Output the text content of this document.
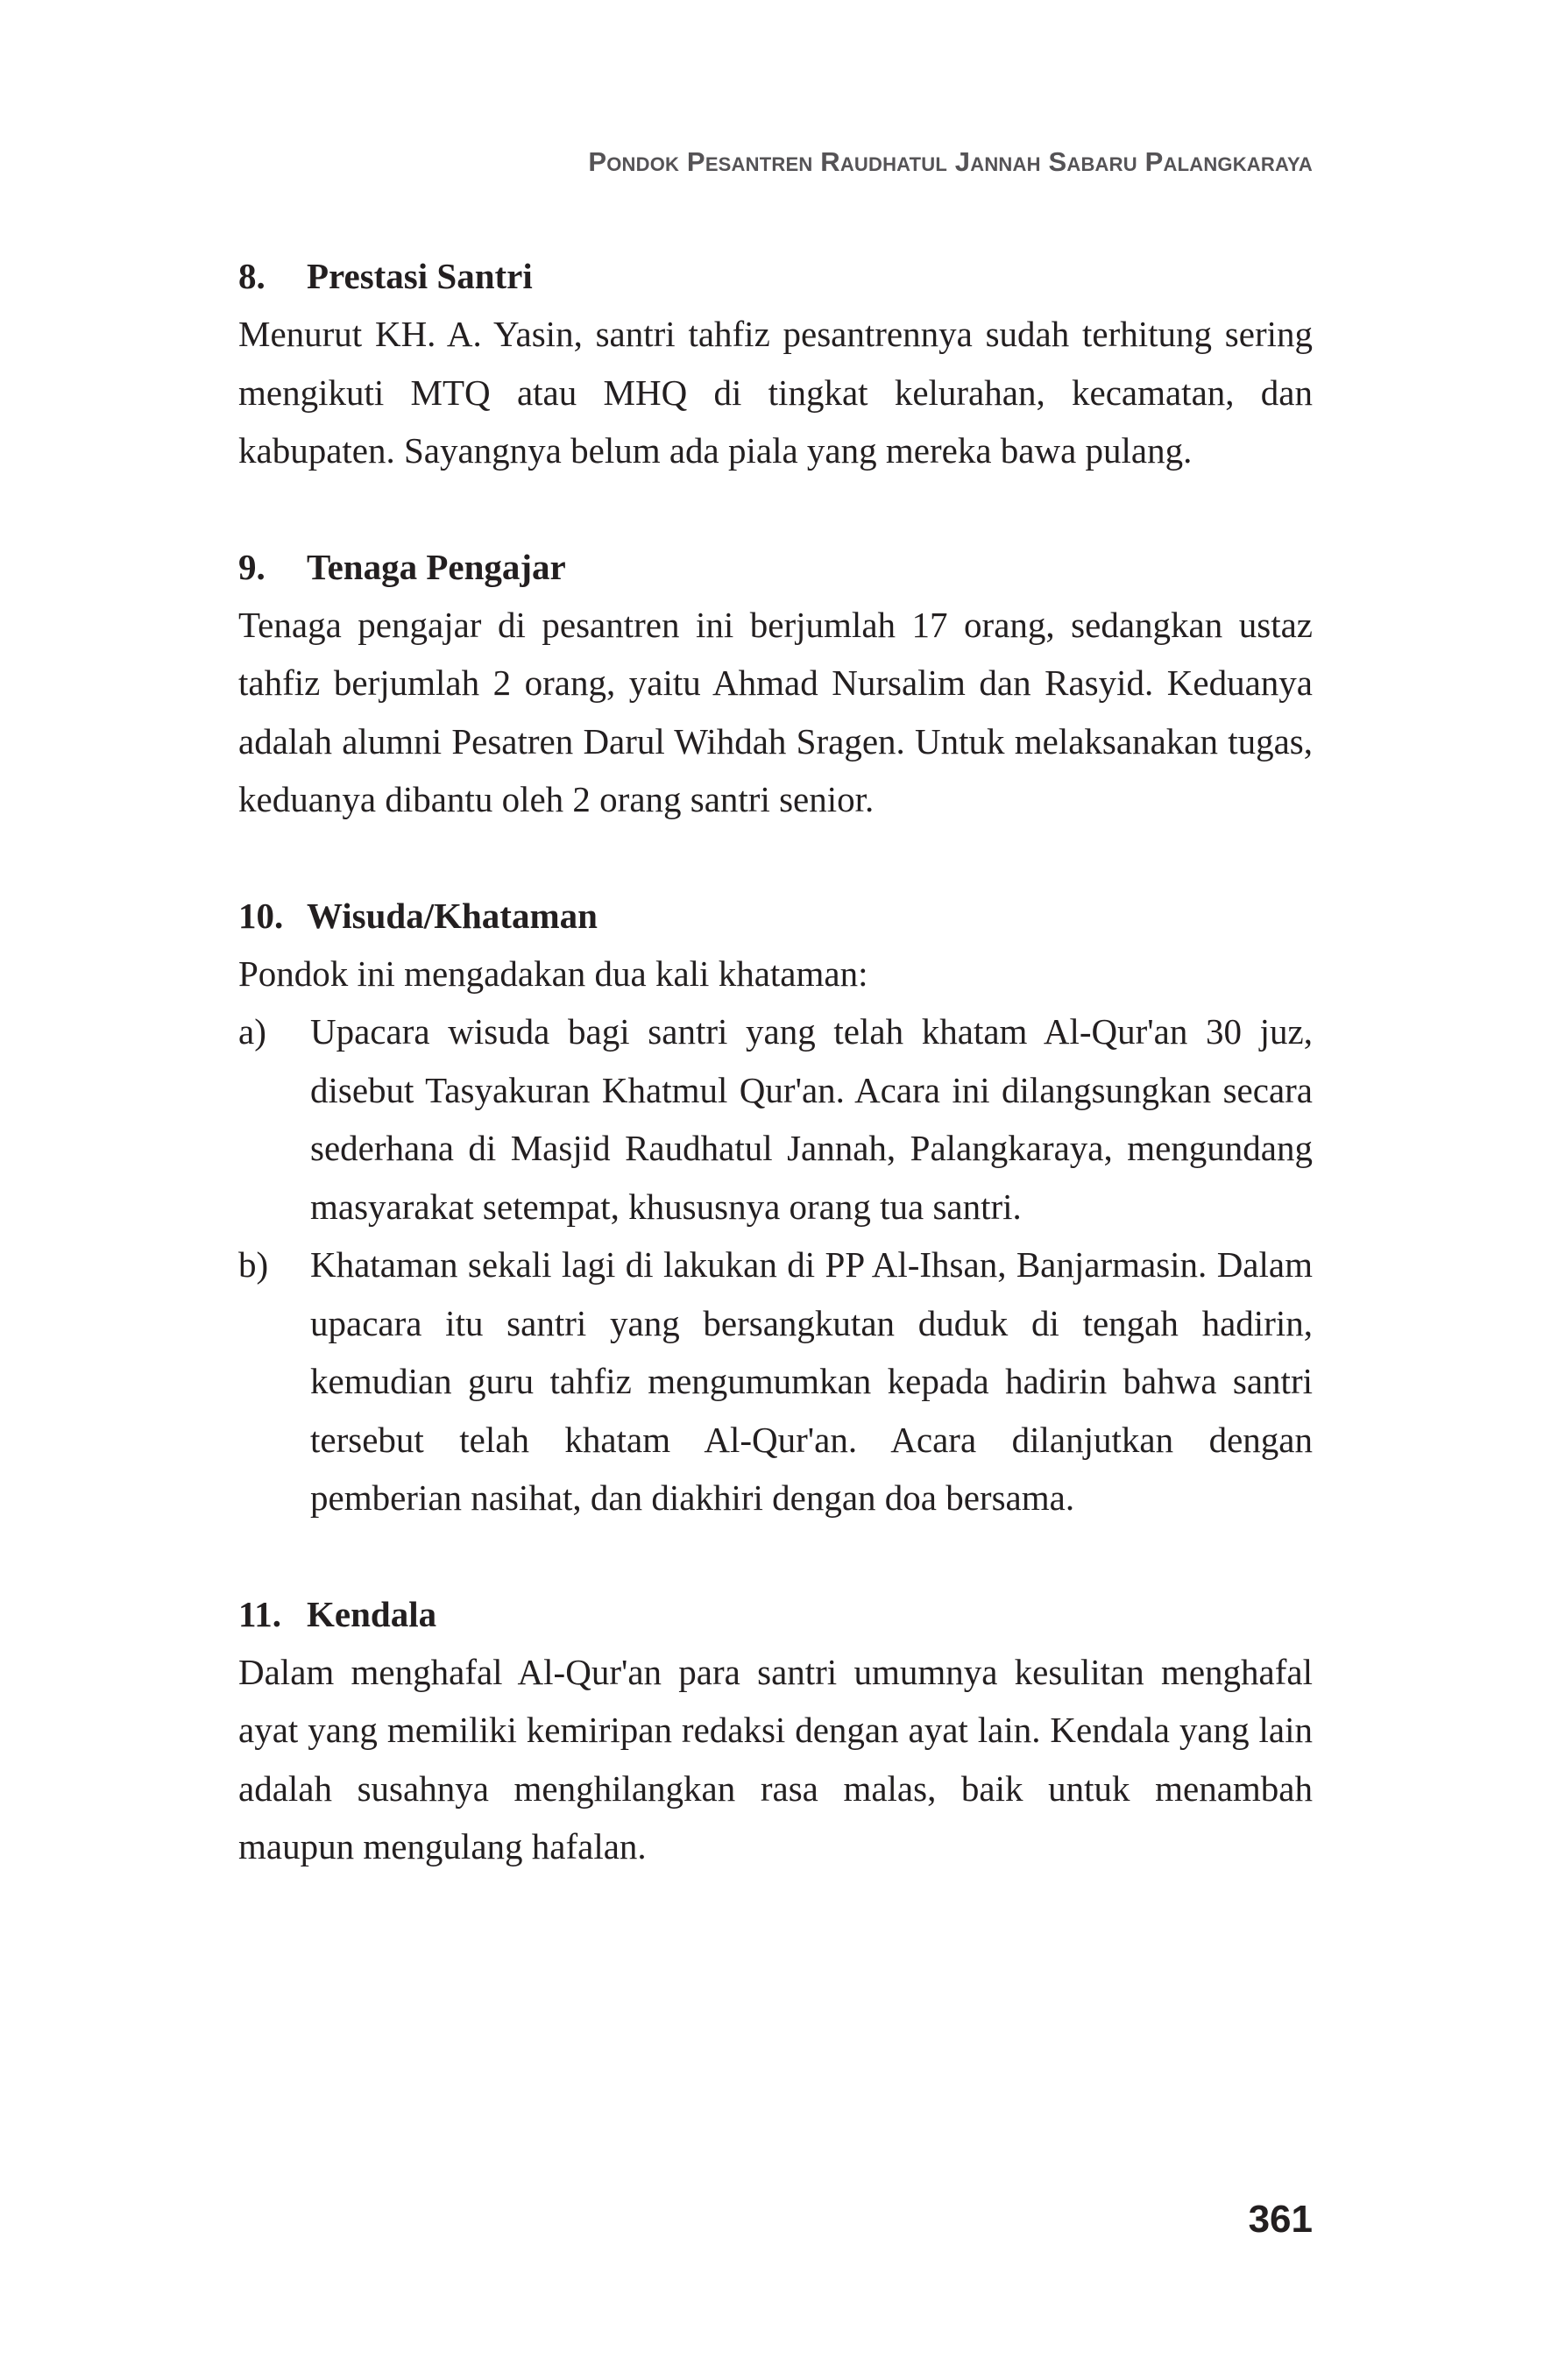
Pondok Pesantren Raudhatul Jannah Sabaru Palangkaraya
8.	Prestasi Santri

Menurut KH. A. Yasin, santri tahfiz pesantrennya sudah terhitung sering mengikuti MTQ atau MHQ di tingkat kelurahan, kecamatan, dan kabupaten. Sayangnya belum ada piala yang mereka bawa pulang.

9.	Tenaga Pengajar

Tenaga pengajar di pesantren ini berjumlah 17 orang, sedangkan ustaz tahfiz berjumlah 2 orang, yaitu Ahmad Nursalim dan Rasyid. Keduanya adalah alumni Pesatren Darul Wihdah Sragen. Untuk melaksanakan tugas, keduanya dibantu oleh 2 orang santri senior.

10. Wisuda/Khataman

Pondok ini mengadakan dua kali khataman:

a)	Upacara wisuda bagi santri yang telah khatam Al-Qur'an 30 juz, disebut Tasyakuran Khatmul Qur'an. Acara ini dilangsungkan secara sederhana di Masjid Raudhatul Jannah, Palangkaraya, mengundang masyarakat setempat, khususnya orang tua santri.
b)	Khataman sekali lagi di lakukan di PP Al-Ihsan, Banjarmasin. Dalam upacara itu santri yang bersangkutan duduk di tengah hadirin, kemudian guru tahfiz mengumumkan kepada hadirin bahwa santri tersebut telah khatam Al-Qur'an. Acara dilanjutkan dengan pemberian nasihat, dan diakhiri dengan doa bersama.
11. Kendala

Dalam menghafal Al-Qur'an para santri umumnya kesulitan menghafal ayat yang memiliki kemiripan redaksi dengan ayat lain. Kendala yang lain adalah susahnya menghilangkan rasa malas, baik untuk menambah maupun mengulang hafalan.

361
